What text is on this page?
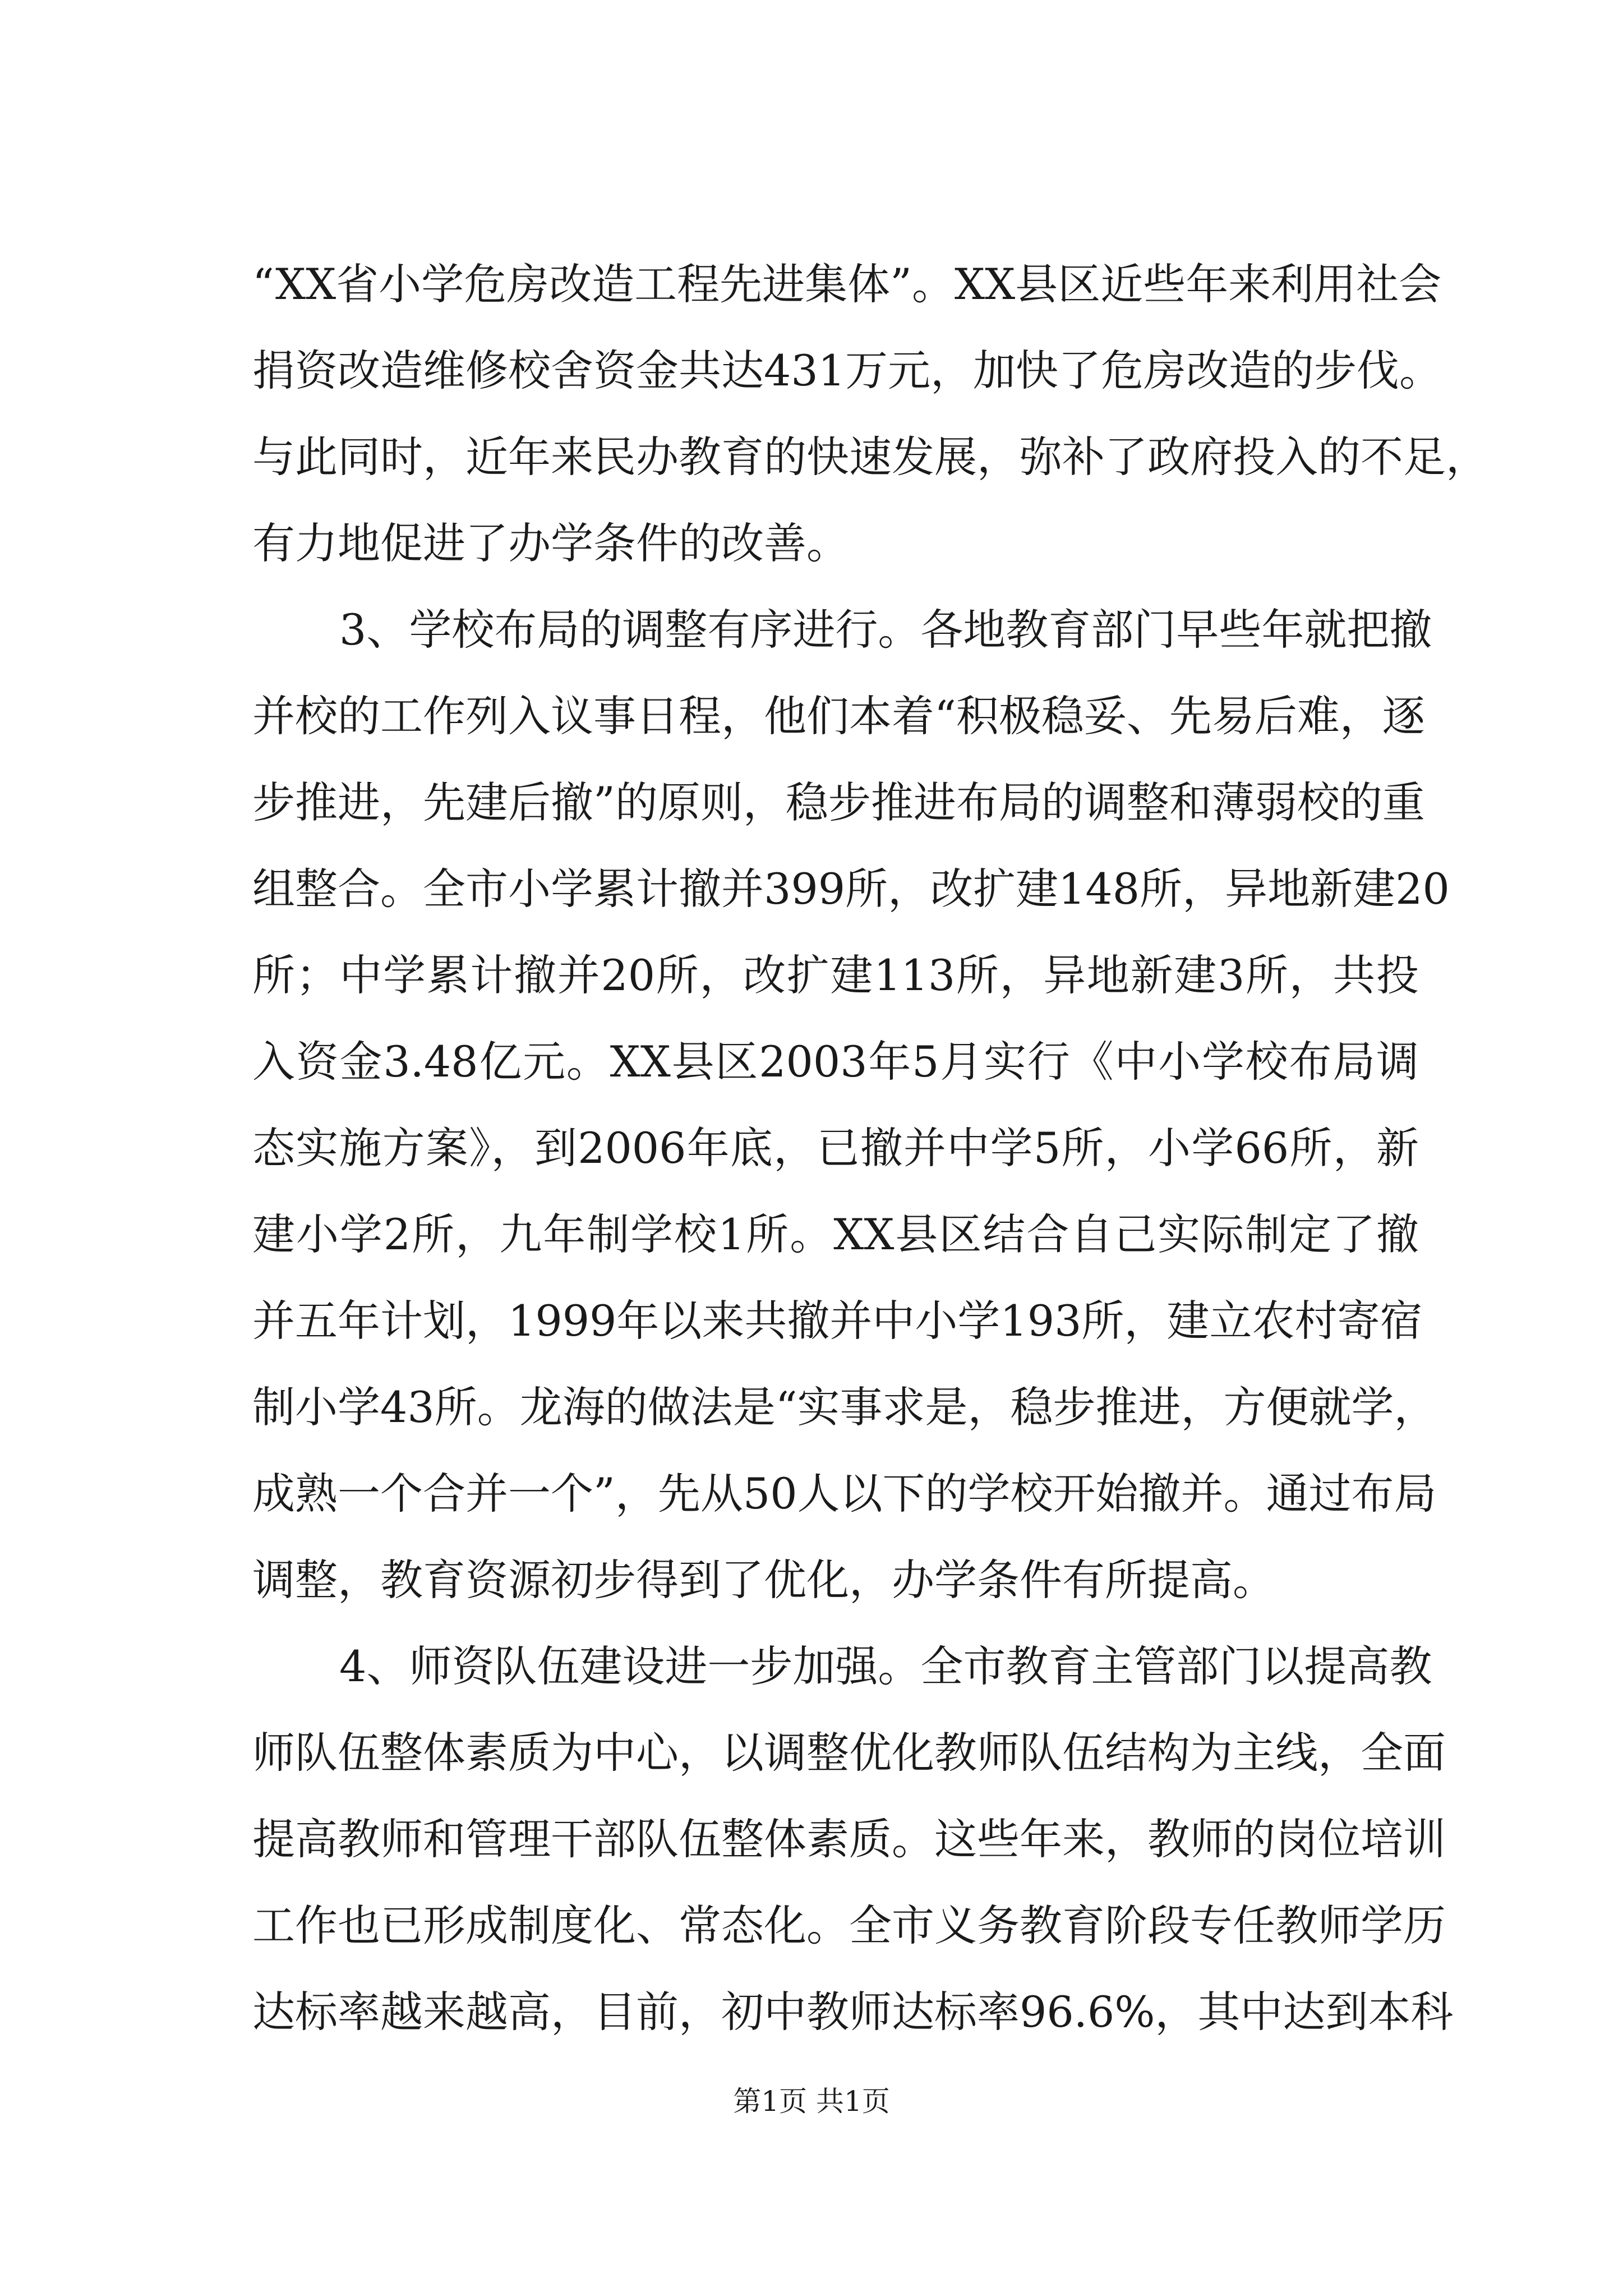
“XX省小学危房改造工程先进集体”。XX县区近些年来利用社会
捐资改造维修校舍资金共达431万元，加快了危房改造的步伐。
与此同时，近年来民办教育的快速发展，弥补了政府投入的不足，
有力地促进了办学条件的改善。
3、学校布局的调整有序进行。各地教育部门早些年就把撤
并校的工作列入议事日程，他们本着“积极稳妥、先易后难，逐
步推进，先建后撤”的原则，稳步推进布局的调整和薄弱校的重
组整合。全市小学累计撤并399所，改扩建148所，异地新建20
所；中学累计撤并20所，改扩建113所，异地新建3所，共投
入资金3.48亿元。XX县区2003年5月实行《中小学校布局调
态实施方案》，到2006年底，已撤并中学5所，小学66所，新
建小学2所，九年制学校1所。XX县区结合自己实际制定了撤
并五年计划，1999年以来共撤并中小学193所，建立农村寄宿
制小学43所。龙海的做法是“实事求是，稳步推进，方便就学，
成熟一个合并一个”，先从50人以下的学校开始撤并。通过布局
调整，教育资源初步得到了优化，办学条件有所提高。
4、师资队伍建设进一步加强。全市教育主管部门以提高教
师队伍整体素质为中心，以调整优化教师队伍结构为主线，全面
提高教师和管理干部队伍整体素质。这些年来，教师的岗位培训
工作也已形成制度化、常态化。全市义务教育阶段专任教师学历
达标率越来越高，目前，初中教师达标率96.6%，其中达到本科
第1页 共1页
